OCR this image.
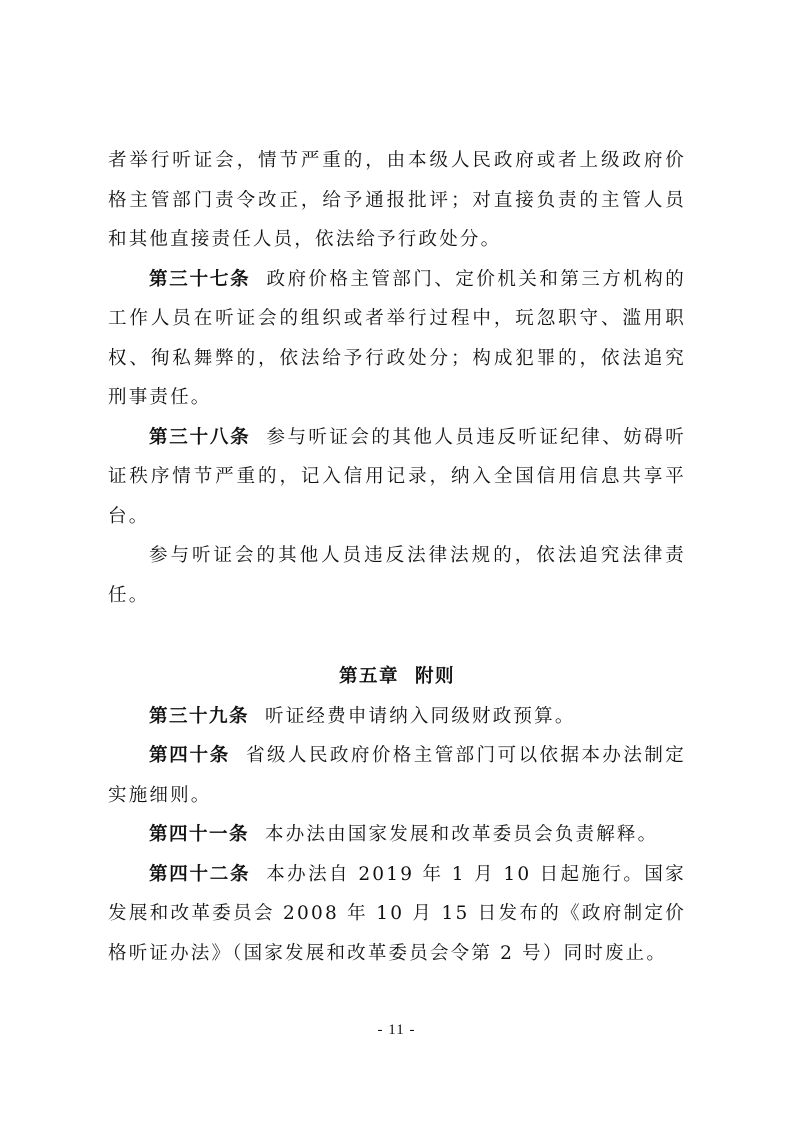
者举行听证会，情节严重的，由本级人民政府或者上级政府价格主管部门责令改正，给予通报批评；对直接负责的主管人员和其他直接责任人员，依法给予行政处分。

第三十七条 政府价格主管部门、定价机关和第三方机构的工作人员在听证会的组织或者举行过程中，玩忽职守、滥用职权、徇私舞弊的，依法给予行政处分；构成犯罪的，依法追究刑事责任。

第三十八条 参与听证会的其他人员违反听证纪律、妨碍听证秩序情节严重的，记入信用记录，纳入全国信用信息共享平台。

参与听证会的其他人员违反法律法规的，依法追究法律责任。

第五章 附则

第三十九条 听证经费申请纳入同级财政预算。

第四十条 省级人民政府价格主管部门可以依据本办法制定实施细则。

第四十一条 本办法由国家发展和改革委员会负责解释。

第四十二条 本办法自 2019 年 1 月 10 日起施行。国家发展和改革委员会 2008 年 10 月 15 日发布的《政府制定价格听证办法》（国家发展和改革委员会令第 2 号）同时废止。

- 11 -
